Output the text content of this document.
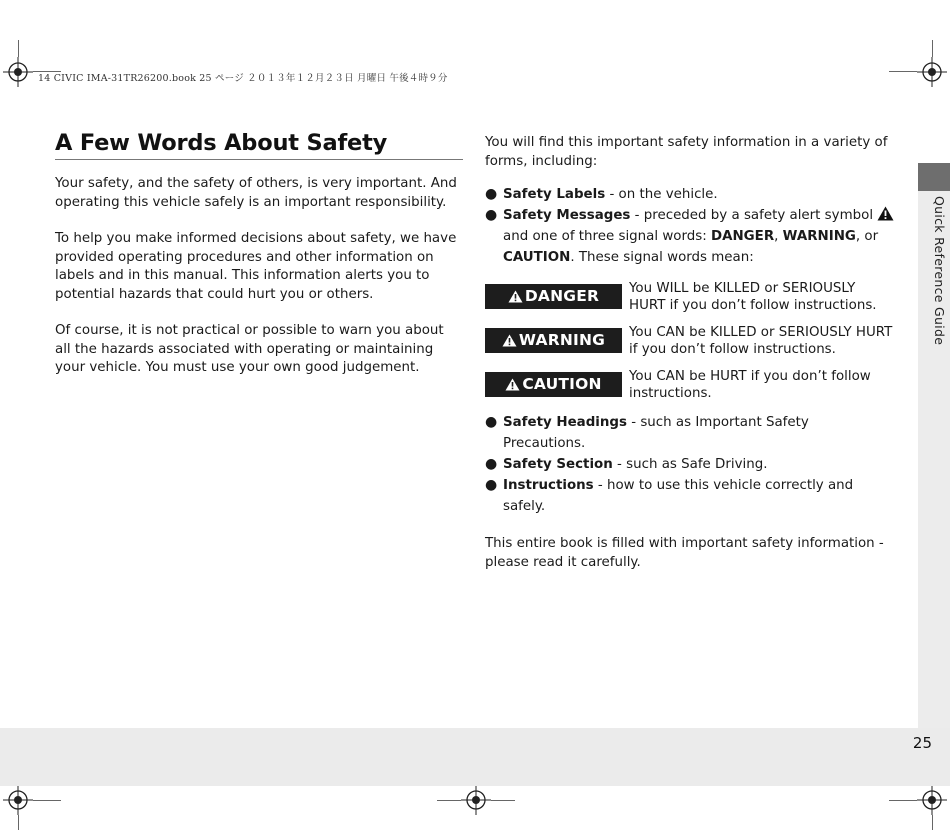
14 CIVIC IMA-31TR26200.book 25 ページ ２０１３年１２月２３日 月曜日 午後４時９分
A Few Words About Safety

Your safety, and the safety of others, is very important. And operating this vehicle safely is an important responsibility.

To help you make informed decisions about safety, we have provided operating procedures and other information on labels and in this manual. This information alerts you to potential hazards that could hurt you or others.

Of course, it is not practical or possible to warn you about all the hazards associated with operating or maintaining your vehicle. You must use your own good judgement.

You will find this important safety information in a variety of forms, including:

● Safety Labels - on the vehicle.
● Safety Messages - preceded by a safety alert symbol
and one of three signal words: DANGER, WARNING, or CAUTION. These signal words mean:
DANGER You WILL be KILLED or SERIOUSLY HURT if you don’t follow instructions.
WARNING You CAN be KILLED or SERIOUSLY HURT if you don’t follow instructions.
CAUTION You CAN be HURT if you don’t follow instructions.
● Safety Headings - such as Important Safety Precautions.
● Safety Section - such as Safe Driving.
● Instructions - how to use this vehicle correctly and safely.

This entire book is filled with important safety information - please read it carefully.

Quick Reference Guide
25
